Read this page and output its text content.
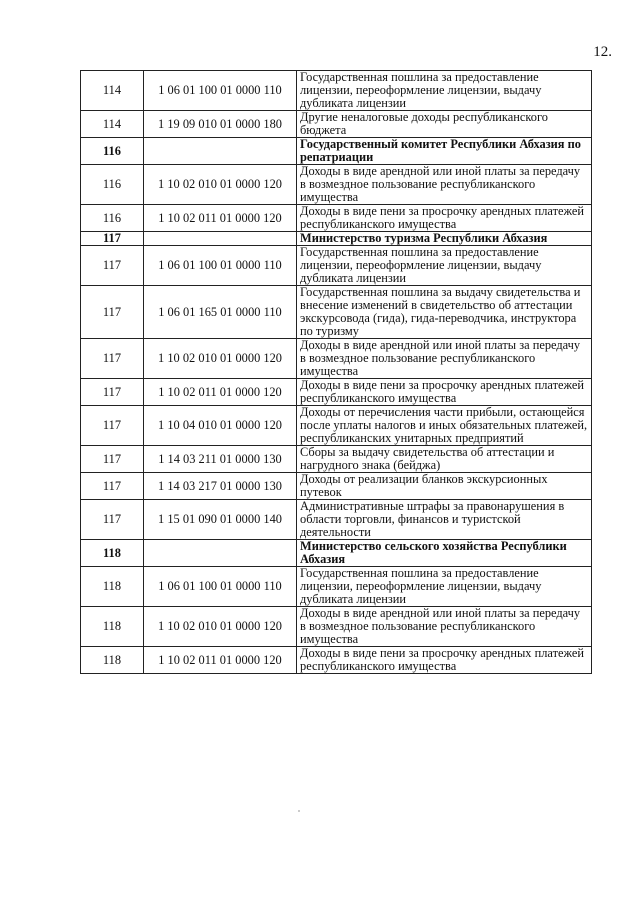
12.
114	1 06 01 100 01 0000 110	Государственная пошлина за предоставление лицензии, переоформление лицензии, выдачу дубликата лицензии
114	1 19 09 010 01 0000 180	Другие неналоговые доходы республиканского бюджета
116		Государственный комитет Республики Абхазия по репатриации
116	1 10 02 010 01 0000 120	Доходы в виде арендной или иной платы за передачу в возмездное пользование республиканского имущества
116	1 10 02 011 01 0000 120	Доходы в виде пени за просрочку арендных платежей республиканского имущества
117		Министерство туризма Республики Абхазия
117	1 06 01 100 01 0000 110	Государственная пошлина за предоставление лицензии, переоформление лицензии, выдачу дубликата лицензии
117	1 06 01 165 01 0000 110	Государственная пошлина за выдачу свидетельства и внесение изменений в свидетельство об аттестации экскурсовода (гида), гида-переводчика, инструктора по туризму
117	1 10 02 010 01 0000 120	Доходы в виде арендной или иной платы за передачу в возмездное пользование республиканского имущества
117	1 10 02 011 01 0000 120	Доходы в виде пени за просрочку арендных платежей республиканского имущества
117	1 10 04 010 01 0000 120	Доходы от перечисления части прибыли, остающейся после уплаты налогов и иных обязательных платежей, республиканских унитарных предприятий
117	1 14 03 211 01 0000 130	Сборы за выдачу свидетельства об аттестации и нагрудного знака (бейджа)
117	1 14 03 217 01 0000 130	Доходы от реализации бланков экскурсионных путевок
117	1 15 01 090 01 0000 140	Административные штрафы за правонарушения в области торговли, финансов и туристской деятельности
118		Министерство сельского хозяйства Республики Абхазия
118	1 06 01 100 01 0000 110	Государственная пошлина за предоставление лицензии, переоформление лицензии, выдачу дубликата лицензии
118	1 10 02 010 01 0000 120	Доходы в виде арендной или иной платы за передачу в возмездное пользование республиканского имущества
118	1 10 02 011 01 0000 120	Доходы в виде пени за просрочку арендных платежей республиканского имущества
